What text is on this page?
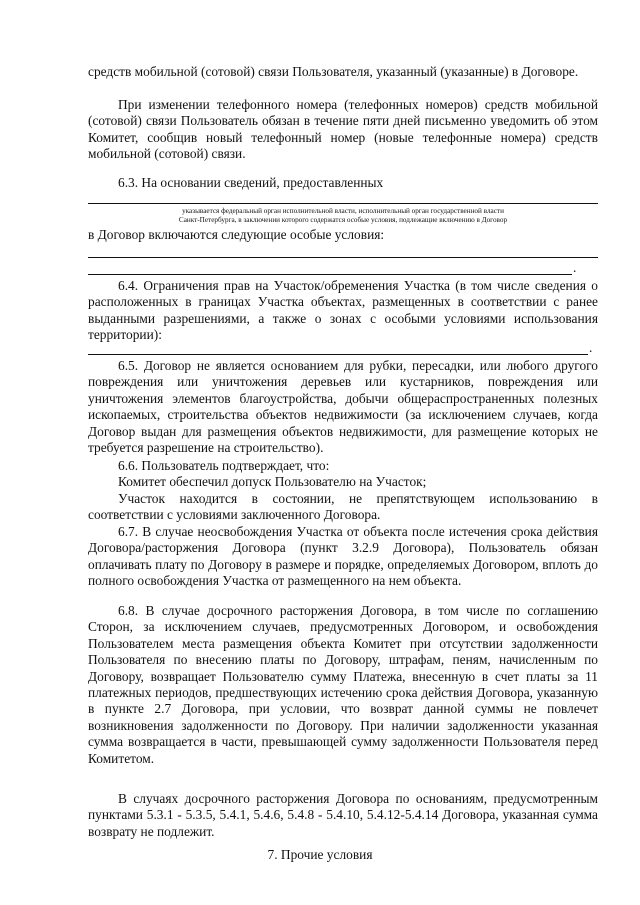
средств мобильной (сотовой) связи Пользователя, указанный (указанные) в Договоре.

При изменении телефонного номера (телефонных номеров) средств мобильной (сотовой) связи Пользователь обязан в течение пяти дней письменно уведомить об этом Комитет, сообщив новый телефонный номер (новые телефонные номера) средств мобильной (сотовой) связи.

6.3. На основании сведений, предоставленных

указывается федеральный орган исполнительной власти, исполнительный орган государственной власти

Санкт-Петербурга, в заключении которого содержатся особые условия, подлежащие включению в Договор

в Договор включаются следующие особые условия:

.

6.4. Ограничения прав на Участок/обременения Участка (в том числе сведения о расположенных в границах Участка объектах, размещенных в соответствии с ранее выданными разрешениями, а также о зонах с особыми условиями использования территории):

.

6.5. Договор не является основанием для рубки, пересадки, или любого другого повреждения или уничтожения деревьев или кустарников, повреждения или уничтожения элементов благоустройства, добычи общераспространенных полезных ископаемых, строительства объектов недвижимости (за исключением случаев, когда Договор выдан для размещения объектов недвижимости, для размещение которых не требуется разрешение на строительство).

6.6. Пользователь подтверждает, что:

Комитет обеспечил допуск Пользователю на Участок;

Участок находится в состоянии, не препятствующем использованию в соответствии с условиями заключенного Договора.

6.7. В случае неосвобождения Участка от объекта после истечения срока действия Договора/расторжения Договора (пункт 3.2.9 Договора), Пользователь обязан оплачивать плату по Договору в размере и порядке, определяемых Договором, вплоть до полного освобождения Участка от размещенного на нем объекта.

6.8. В случае досрочного расторжения Договора, в том числе по соглашению Сторон, за исключением случаев, предусмотренных Договором, и освобождения Пользователем места размещения объекта Комитет при отсутствии задолженности Пользователя по внесению платы по Договору, штрафам, пеням, начисленным по Договору, возвращает Пользователю сумму Платежа, внесенную в счет платы за 11 платежных периодов, предшествующих истечению срока действия Договора, указанную в пункте 2.7 Договора, при условии, что возврат данной суммы не повлечет возникновения задолженности по Договору. При наличии задолженности указанная сумма возвращается в части, превышающей сумму задолженности Пользователя перед Комитетом.

В случаях досрочного расторжения Договора по основаниям, предусмотренным пунктами 5.3.1 - 5.3.5, 5.4.1, 5.4.6, 5.4.8 - 5.4.10, 5.4.12-5.4.14 Договора, указанная сумма возврату не подлежит.

7. Прочие условия
